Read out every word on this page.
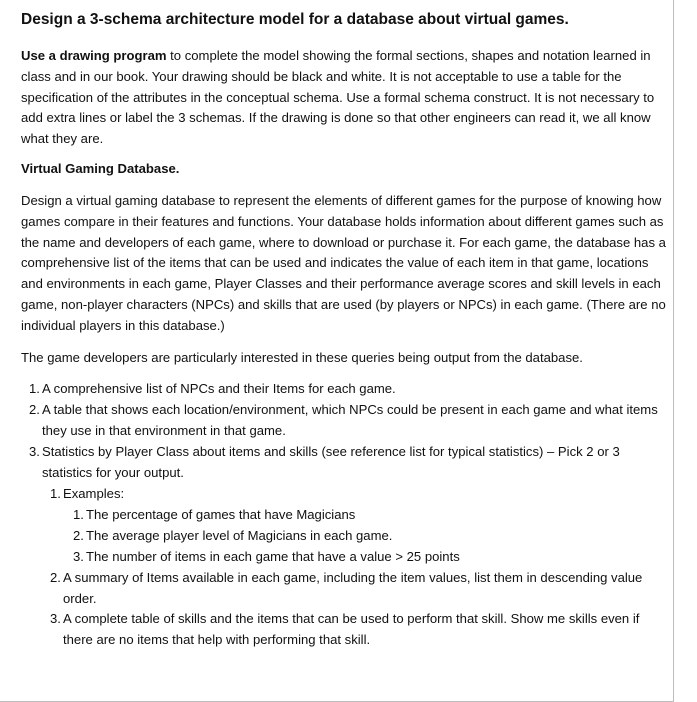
Design a 3-schema architecture model for a database about virtual games.

Use a drawing program to complete the model showing the formal sections, shapes and notation learned in class and in our book. Your drawing should be black and white. It is not acceptable to use a table for the specification of the attributes in the conceptual schema. Use a formal schema construct. It is not necessary to add extra lines or label the 3 schemas. If the drawing is done so that other engineers can read it, we all know what they are.

Virtual Gaming Database.

Design a virtual gaming database to represent the elements of different games for the purpose of knowing how games compare in their features and functions. Your database holds information about different games such as the name and developers of each game, where to download or purchase it. For each game, the database has a comprehensive list of the items that can be used and indicates the value of each item in that game, locations and environments in each game, Player Classes and their performance average scores and skill levels in each game, non-player characters (NPCs) and skills that are used (by players or NPCs) in each game. (There are no individual players in this database.)

The game developers are particularly interested in these queries being output from the database.

1. A comprehensive list of NPCs and their Items for each game.
2. A table that shows each location/environment, which NPCs could be present in each game and what items they use in that environment in that game.
3. Statistics by Player Class about items and skills (see reference list for typical statistics) – Pick 2 or 3 statistics for your output.
1. Examples:
1. The percentage of games that have Magicians
2. The average player level of Magicians in each game.
3. The number of items in each game that have a value > 25 points
2. A summary of Items available in each game, including the item values, list them in descending value order.
3. A complete table of skills and the items that can be used to perform that skill. Show me skills even if there are no items that help with performing that skill.
